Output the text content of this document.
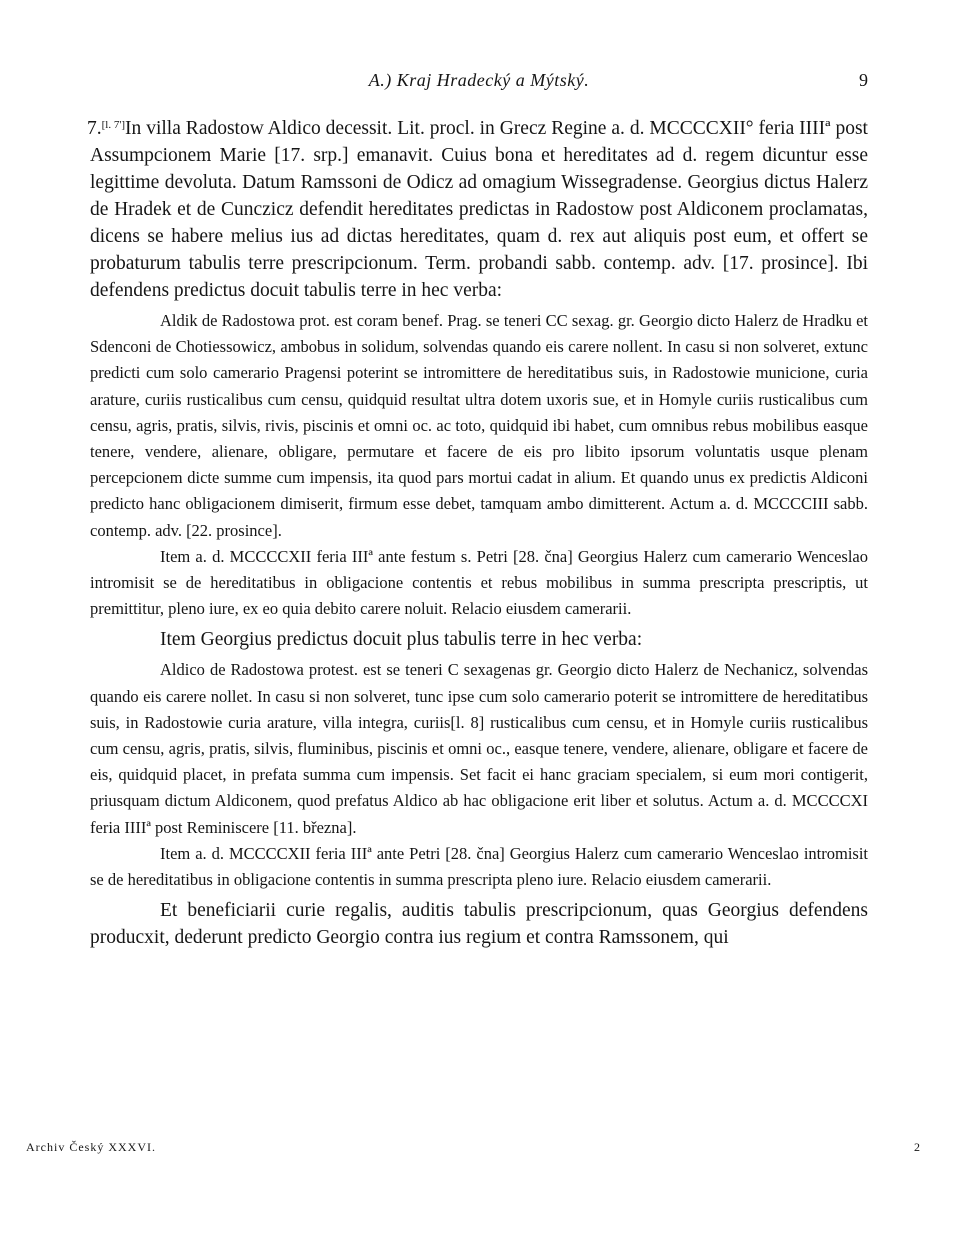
A.) Kraj Hradecký a Mýtský.	9

7.[l. 7']In villa Radostow Aldico decessit. Lit. procl. in Grecz Regine a. d. MCCCCXII° feria IIIIª post Assumpcionem Marie [17. srp.] emanavit. Cuius bona et hereditates ad d. regem dicuntur esse legittime devoluta. Datum Ramssoni de Odicz ad omagium Wissegradense. Georgius dictus Halerz de Hradek et de Cunczicz defendit hereditates predictas in Radostow post Aldiconem proclamatas, dicens se habere melius ius ad dictas hereditates, quam d. rex aut aliquis post eum, et offert se probaturum tabulis terre prescripcionum. Term. probandi sabb. contemp. adv. [17. prosince]. Ibi defendens predictus docuit tabulis terre in hec verba:

Aldik de Radostowa prot. est coram benef. Prag. se teneri CC sexag. gr. Georgio dicto Halerz de Hradku et Sdenconi de Chotiessowicz, ambobus in solidum, solvendas quando eis carere nollent. In casu si non solveret, extunc predicti cum solo camerario Pragensi poterint se intromittere de hereditatibus suis, in Radostowie municione, curia arature, curiis rusticalibus cum censu, quidquid resultat ultra dotem uxoris sue, et in Homyle curiis rusticalibus cum censu, agris, pratis, silvis, rivis, piscinis et omni οc. ac toto, quidquid ibi habet, cum omnibus rebus mobilibus easque tenere, vendere, alienare, obligare, permutare et facere de eis pro libito ipsorum voluntatis usque plenam percepcionem dicte summe cum impensis, ita quod pars mortui cadat in alium. Et quando unus ex predictis Aldiconi predicto hanc obligacionem dimiserit, firmum esse debet, tamquam ambo dimitterent. Actum a. d. MCCCCIII sabb. contemp. adv. [22. prosince].

Item a. d. MCCCCXII feria IIIª ante festum s. Petri [28. čna] Georgius Halerz cum camerario Wenceslao intromisit se de hereditatibus in obligacione contentis et rebus mobilibus in summa prescripta prescriptis, ut premittitur, pleno iure, ex eo quia debito carere noluit. Relacio eiusdem camerarii.

Item Georgius predictus docuit plus tabulis terre in hec verba:

Aldico de Radostowa protest. est se teneri C sexagenas gr. Georgio dicto Halerz de Nechanicz, solvendas quando eis carere nollet. In casu si non solveret, tunc ipse cum solo camerario poterit se intromittere de hereditatibus suis, in Radostowie curia arature, villa integra, curiis[l. 8] rusticalibus cum censu, et in Homyle curiis rusticalibus cum censu, agris, pratis, silvis, fluminibus, piscinis et omni οc., easque tenere, vendere, alienare, obligare et facere de eis, quidquid placet, in prefata summa cum impensis. Set facit ei hanc graciam specialem, si eum mori contigerit, priusquam dictum Aldiconem, quod prefatus Aldico ab hac obligacione erit liber et solutus. Actum a. d. MCCCCXI feria IIIIª post Reminiscere [11. března].

Item a. d. MCCCCXII feria IIIª ante Petri [28. čna] Georgius Halerz cum camerario Wenceslao intromisit se de hereditatibus in obligacione contentis in summa prescripta pleno iure. Relacio eiusdem camerarii.

Et beneficiarii curie regalis, auditis tabulis prescripcionum, quas Georgius defendens producxit, dederunt predicto Georgio contra ius regium et contra Ramssonem, qui

Archiv Český XXXVI.	2
